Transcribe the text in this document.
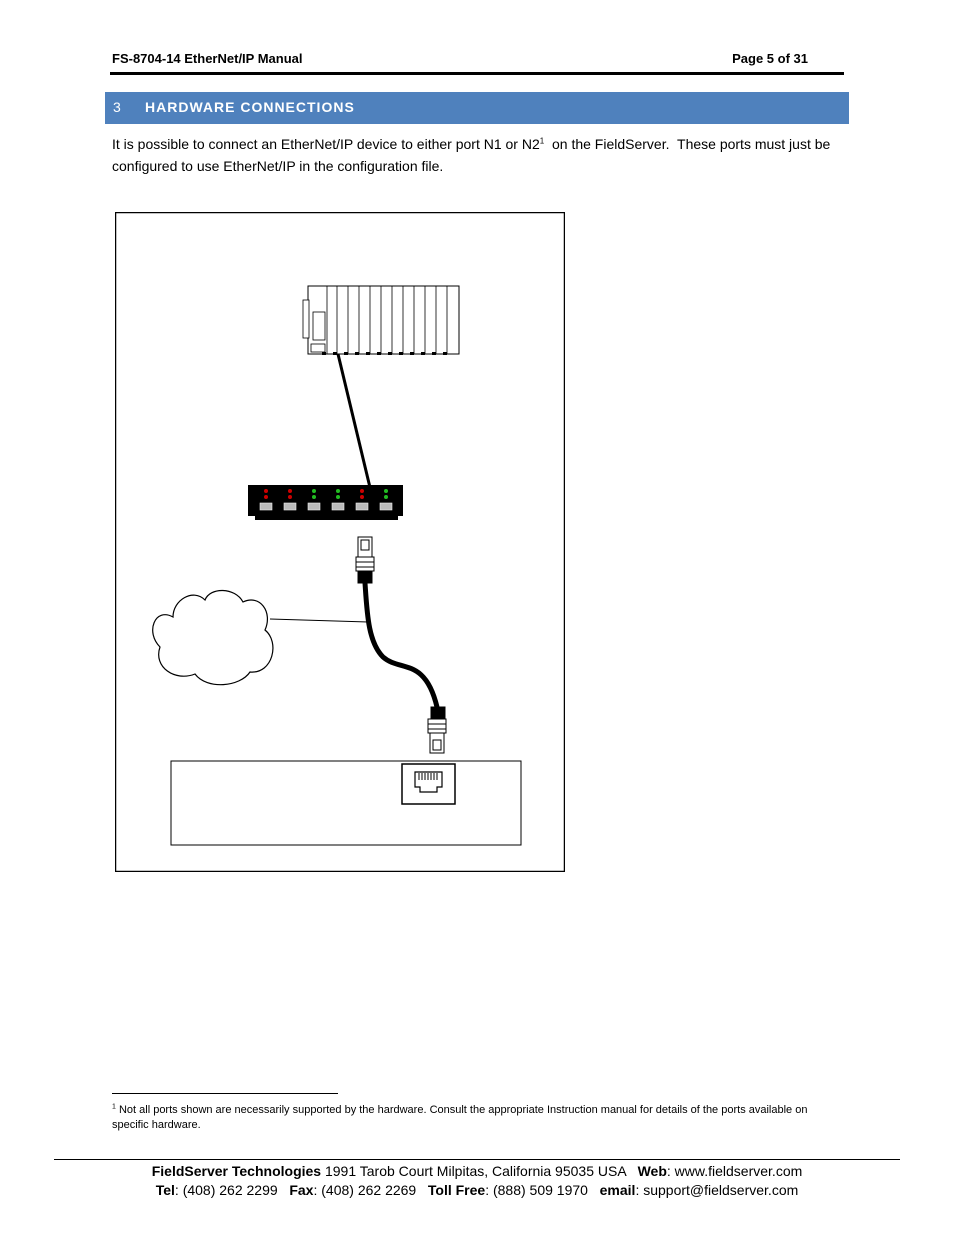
FS-8704-14 EtherNet/IP Manual	Page 5 of 31
3 HARDWARE CONNECTIONS
It is possible to connect an EtherNet/IP device to either port N1 or $N2^1$  on the FieldServer.  These ports must just be configured to use EtherNet/IP in the configuration file.
$^1$ Not all ports shown are necessarily supported by the hardware. Consult the appropriate Instruction manual for details of the ports available on specific hardware.
FieldServer Technologies 1991 Tarob Court Milpitas, California 95035 USA   Web: www.fieldserver.com
Tel: (408) 262 2299   Fax: (408) 262 2269   Toll Free: (888) 509 1970   email: support@fieldserver.com
